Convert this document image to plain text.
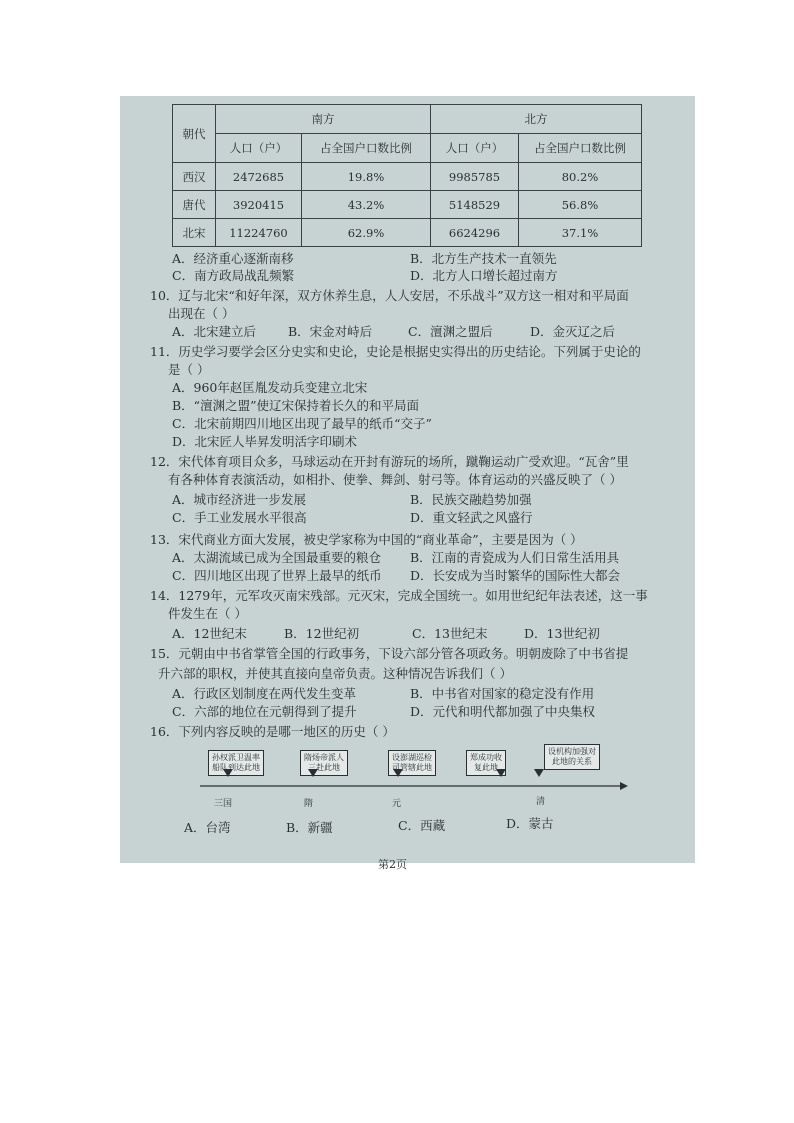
朝代	南方		北方	
	人口（户）	占全国户口数比例	人口（户）	占全国户口数比例
西汉	2472685	19.8%	9985785	80.2%
唐代	3920415	43.2%	5148529	56.8%
北宋	11224760	62.9%	6624296	37.1%
A．经济重心逐渐南移	B．北方生产技术一直领先
C．南方政局战乱频繁	D．北方人口增长超过南方
10．辽与北宋“和好年深，双方休养生息，人人安居，不乐战斗”双方这一相对和平局面
出现在（ ）
A．北宋建立后	B．宋金对峙后	C．澶渊之盟后	D．金灭辽之后
11．历史学习要学会区分史实和史论，史论是根据史实得出的历史结论。下列属于史论的
是（ ）
A．960年赵匡胤发动兵变建立北宋
B．“澶渊之盟”使辽宋保持着长久的和平局面
C．北宋前期四川地区出现了最早的纸币“交子”
D．北宋匠人毕昇发明活字印刷术
12．宋代体育项目众多，马球运动在开封有游玩的场所，蹴鞠运动广受欢迎。“瓦舍”里
有各种体育表演活动，如相扑、使拳、舞剑、射弓等。体育运动的兴盛反映了（ ）
A．城市经济进一步发展	B．民族交融趋势加强
C．手工业发展水平很高	D．重文轻武之风盛行
13．宋代商业方面大发展，被史学家称为中国的“商业革命”，主要是因为（ ）
A．太湖流域已成为全国最重要的粮仓 B．江南的青瓷成为人们日常生活用具
C．四川地区出现了世界上最早的纸币 D．长安成为当时繁华的国际性大都会
14．1279年，元军攻灭南宋残部。元灭宋，完成全国统一。如用世纪纪年法表述，这一事
件发生在（ ）
A．12世纪末	B．12世纪初	C．13世纪末	D．13世纪初
15．元朝由中书省掌管全国的行政事务，下设六部分管各项政务。明朝废除了中书省提
升六部的职权，并使其直接向皇帝负责。这种情况告诉我们（ ）
A．行政区划制度在两代发生变革	B．中书省对国家的稳定没有作用
C．六部的地位在元朝得到了提升	D．元代和明代都加强了中央集权
16．下列内容反映的是哪一地区的历史（ ）
孙权派卫温率
船队到达此地
三国
隋炀帝派人
三赴此地
隋
设澎湖巡检
司管辖此地
元
郑成功收
复此地
设机构加强对
此地的关系
清
A．台湾	B．新疆	C．西藏	D．蒙古
第2页
